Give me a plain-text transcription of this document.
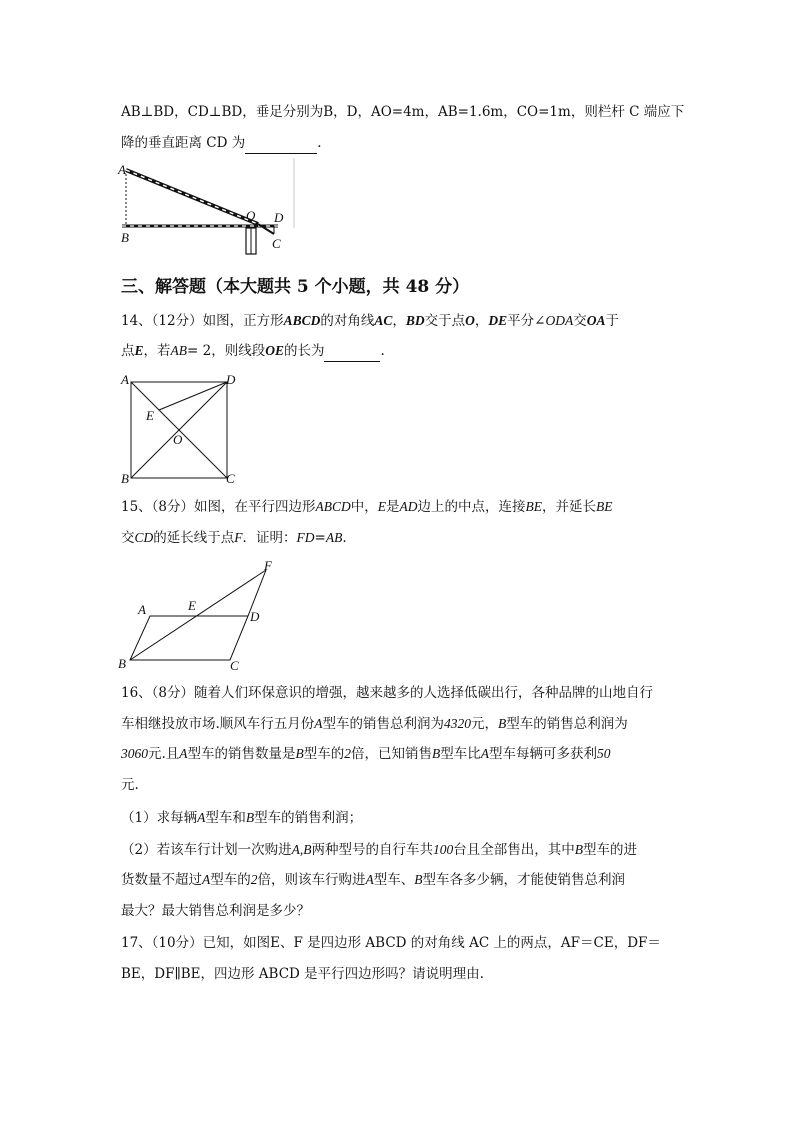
AB⊥BD，CD⊥BD，垂足分别为B，D，AO=4m，AB=1.6m，CO=1m，则栏杆 C 端应下
降的垂直距离 CD 为	.
A
B
O D
C
三、解答题（本大题共 5 个小题，共 48 分）
14、（12分）如图，正方形ABCD的对角线AC，BD交于点O，DE平分∠ODA交OA于
点E，若AB= 2，则线段OE的长为	.
A	D
B	C
E
O
15、（8分）如图，在平行四边形ABCD中，E是AD边上的中点，连接BE，并延长BE
交CD的延长线于点F．证明：FD=AB.
A	E
D
F
B	C
16、（8分）随着人们环保意识的增强，越来越多的人选择低碳出行，各种品牌的山地自行
车相继投放市场.顺风车行五月份A型车的销售总利润为4320元，B型车的销售总利润为
3060元.且A型车的销售数量是B型车的2倍，已知销售B型车比A型车每辆可多获利50
元.
（1）求每辆A型车和B型车的销售利润；
（2）若该车行计划一次购进A,B两种型号的自行车共100台且全部售出，其中B型车的进
货数量不超过A型车的2倍，则该车行购进A型车、B型车各多少辆，才能使销售总利润
最大？最大销售总利润是多少？
17、（10分）已知，如图E、F 是四边形 ABCD 的对角线 AC 上的两点，AF＝CE，DF＝
BE，DF∥BE，四边形 ABCD 是平行四边形吗？请说明理由.
